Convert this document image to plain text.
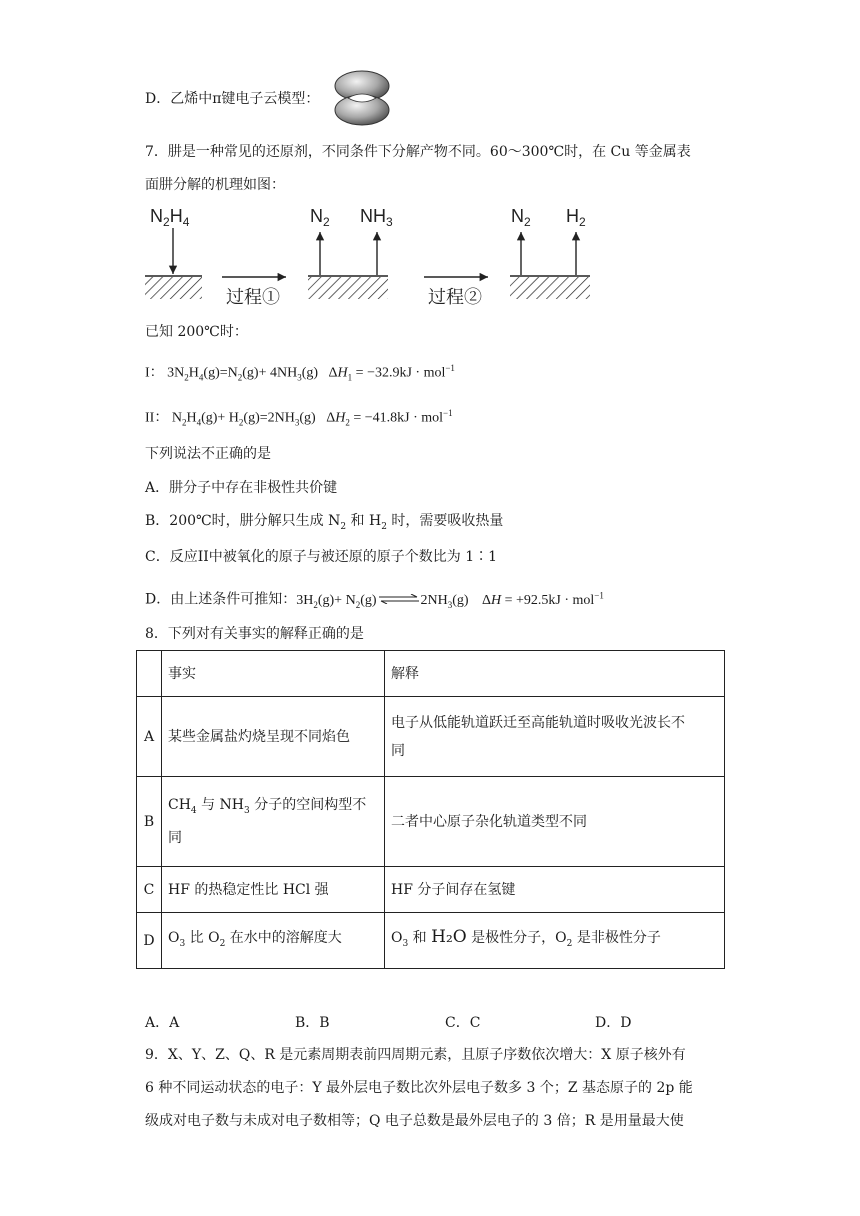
D．乙烯中π键电子云模型：
7．肼是一种常见的还原剂，不同条件下分解产物不同。60～300℃时，在 Cu 等金属表
面肼分解的机理如图：
$N_2H_4$
过程①
$N_2$ $NH_3$
过程②
$N_2$ $H_2$
已知 200℃时：
I： $3N_2H_4(g)=N_2(g)+ 4NH_3(g) \Delta H_1 = -32.9kJ \cdot mol^{-1}$
II： $N_2H_4(g)+ H_2(g)=2NH_3(g) \Delta H_2 = -41.8kJ \cdot mol^{-1}$
下列说法不正确的是
A．肼分子中存在非极性共价键
B．200℃时，肼分解只生成 $N_2$ 和 $H_2$ 时，需要吸收热量
C．反应II中被氧化的原子与被还原的原子个数比为 1∶1
D．由上述条件可推知：$3H_2(g)+ N_2(g)$	$2NH_3(g) \Delta H = +92.5kJ \cdot mol^{-1}$
8．下列对有关事实的解释正确的是
	事实	解释
A	某些金属盐灼烧呈现不同焰色	电子从低能轨道跃迁至高能轨道时吸收光波长不
同

B	$CH_4$ 与 $NH_3$ 分子的空间构型不
同	二者中心原子杂化轨道类型不同
C	HF 的热稳定性比 HCl 强	HF 分子间存在氢键
D	$O_3$ 比 $O_2$ 在水中的溶解度大	$O_3$ 和 H₂O 是极性分子，$O_2$ 是非极性分子
A．A	B．B	C．C	D．D
9．X、Y、Z、Q、R 是元素周期表前四周期元素，且原子序数依次增大：X 原子核外有
6 种不同运动状态的电子：Y 最外层电子数比次外层电子数多 3 个；Z 基态原子的 2p 能
级成对电子数与未成对电子数相等；Q 电子总数是最外层电子的 3 倍；R 是用量最大使
